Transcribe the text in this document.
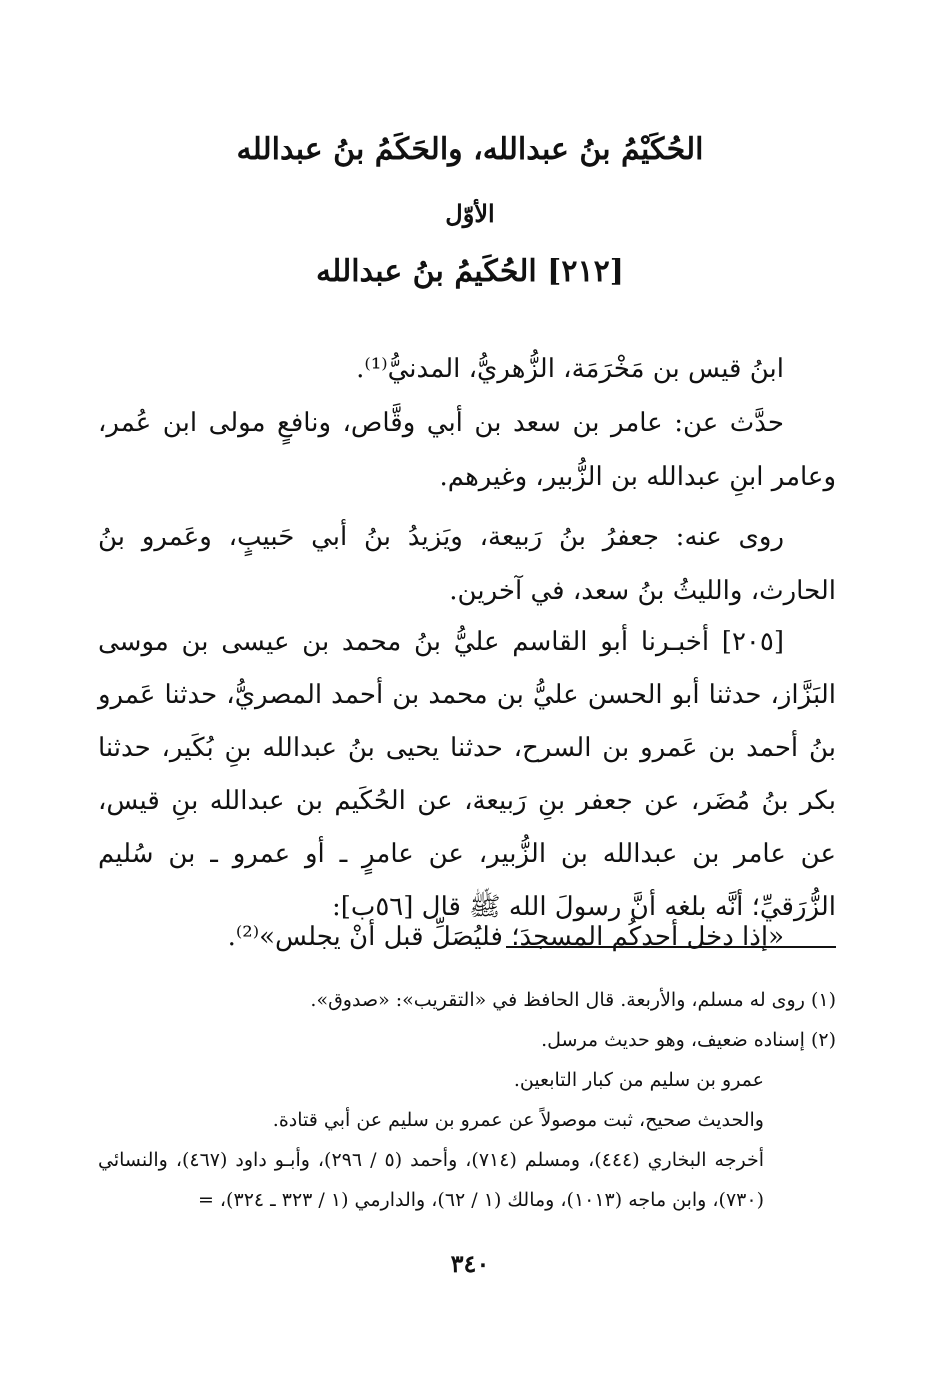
الحُكَيْمُ بنُ عبدالله، والحَكَمُ بنُ عبدالله
الأوّل
[٢١٢] الحُكَيمُ بنُ عبدالله

ابنُ قيس بن مَخْرَمَة، الزُّهريُّ، المدنيُّ⁽¹⁾.

حدَّث عن: عامر بن سعد بن أبي وقَّاص، ونافعٍ مولى ابن عُمر، وعامر ابنِ عبدالله بن الزُّبير، وغيرهم.

روى عنه: جعفرُ بنُ رَبيعة، ويَزيدُ بنُ أبي حَبيبٍ، وعَمرو بنُ الحارث، والليثُ بنُ سعد، في آخرين.

[٢٠٥] أخبـرنا أبو القاسم عليُّ بنُ محمد بن عيسى بن موسى البَزَّاز، حدثنا أبو الحسن عليُّ بن محمد بن أحمد المصريُّ، حدثنا عَمرو بنُ أحمد بن عَمرو بن السرح، حدثنا يحيى بنُ عبدالله بنِ بُكَير، حدثنا بكر بنُ مُضَر، عن جعفر بنِ رَبيعة، عن الحُكَيم بن عبدالله بنِ قيس، عن عامر بن عبدالله بن الزُّبير، عن عامرٍ ـ أو عمرو ـ بن سُليم الزُّرَقيِّ؛ أنَّه بلغه أنَّ رسولَ الله ﷺ قال [٥٦ب]:

«إذا دخل أحدكُم المسجدَ؛ فليُصَلِّ قبل أنْ يجلس»⁽²⁾.

(١) روى له مسلم، والأربعة. قال الحافظ في «التقريب»: «صدوق».

(٢) إسناده ضعيف، وهو حديث مرسل.

عمرو بن سليم من كبار التابعين.

والحديث صحيح، ثبت موصولاً عن عمرو بن سليم عن أبي قتادة.

أخرجه البخاري (٤٤٤)، ومسلم (٧١٤)، وأحمد (٥ / ٢٩٦)، وأبـو داود (٤٦٧)، والنسائي (٧٣٠)، وابن ماجه (١٠١٣)، ومالك (١ / ٦٢)، والدارمي (١ / ٣٢٣ ـ ٣٢٤)، =

٣٤٠
